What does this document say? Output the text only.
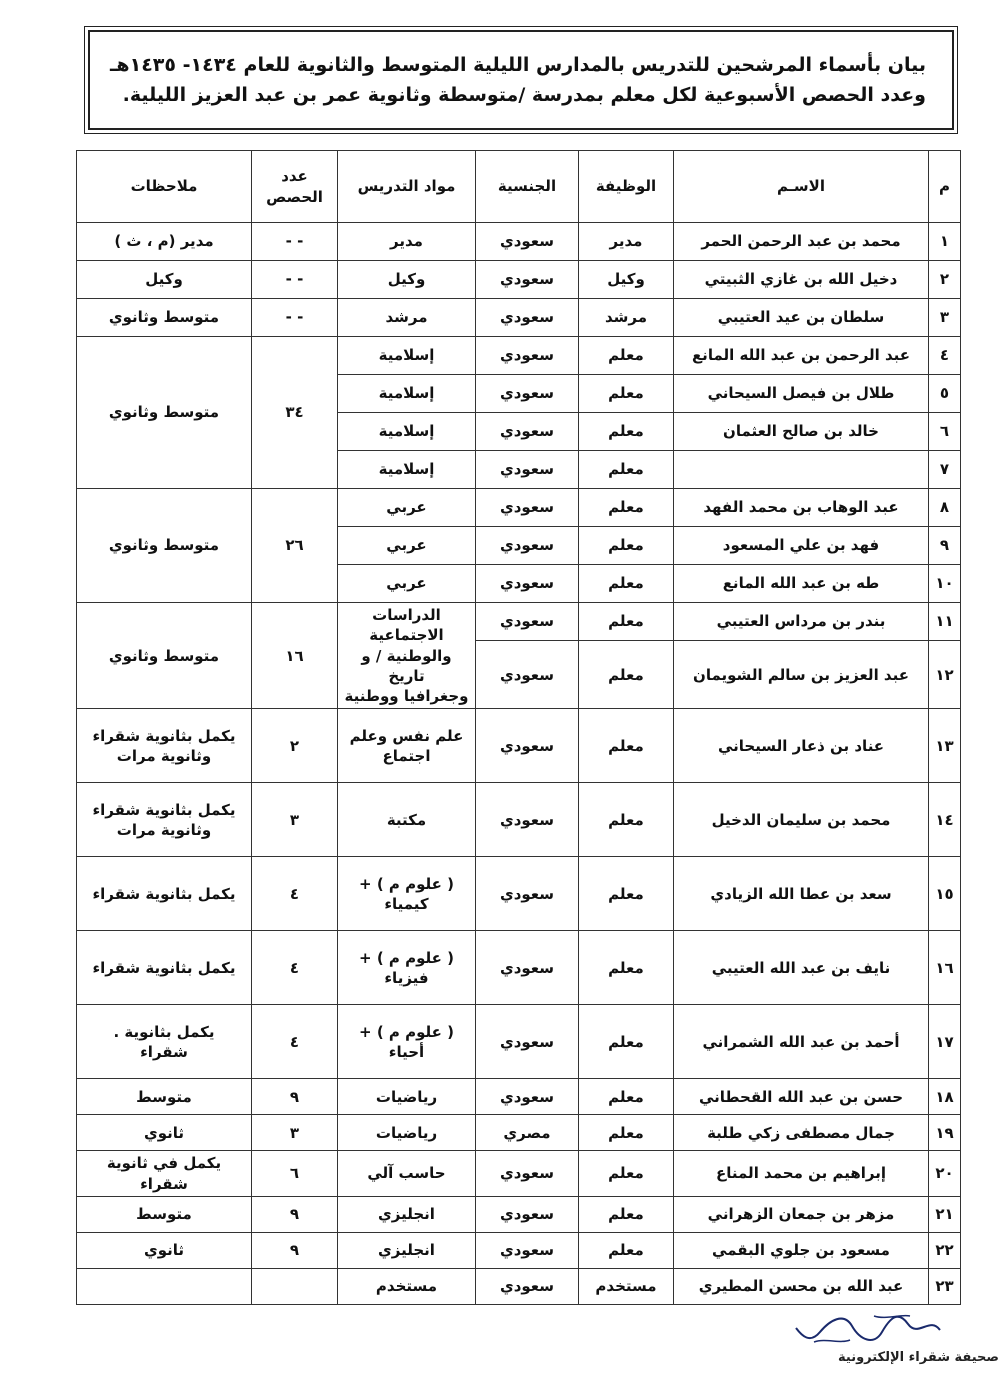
بيان بأسماء المرشحين للتدريس بالمدارس الليلية المتوسط والثانوية للعام ١٤٣٤- ١٤٣٥هـ
وعدد الحصص الأسبوعية لكل معلم بمدرسة /متوسطة وثانوية عمر بن عبد العزيز الليلية.
م	الاسـم	الوظيفة	الجنسية	مواد التدريس	عدد الحصص	ملاحظات
١	محمد بن عبد الرحمن الحمر	مدير	سعودي	مدير	- -	مدير (م ، ث )
٢	دخيل الله بن غازي الثبيتي	وكيل	سعودي	وكيل	- -	وكيل
٣	سلطان بن عيد العتيبي	مرشد	سعودي	مرشد	- -	متوسط وثانوي
٤	عبد الرحمن بن عبد الله المانع	معلم	سعودي	إسلامية	٣٤	متوسط وثانوي
٥	طلال بن فيصل السيحاني	معلم	سعودي	إسلامية		
٦	خالد بن صالح العثمان	معلم	سعودي	إسلامية		
٧		معلم	سعودي	إسلامية		
٨	عبد الوهاب بن محمد الفهد	معلم	سعودي	عربي	٢٦	متوسط وثانوي
٩	فهد بن علي المسعود	معلم	سعودي	عربي		
١٠	طه بن عبد الله المانع	معلم	سعودي	عربي		
١١	بندر بن مرداس العتيبي	معلم	سعودي	الدراسات الاجتماعية
والوطنية / و تاريخ
وجغرافيا ووطنية	١٦	متوسط وثانوي
١٢	عبد العزيز بن سالم الشويمان	معلم	سعودي			
١٣	عناد بن ذعار السيحاني	معلم	سعودي	علم نفس وعلم
اجتماع	٢	يكمل بثانوية شقراء
وثانوية مرات
١٤	محمد بن سليمان الدخيل	معلم	سعودي	مكتبة	٣	يكمل بثانوية شقراء
وثانوية مرات
١٥	سعد بن عطا الله الزيادي	معلم	سعودي	( علوم م ) +
كيمياء	٤	يكمل بثانوية شقراء
١٦	نايف بن عبد الله العتيبي	معلم	سعودي	( علوم م ) +
فيزياء	٤	يكمل بثانوية شقراء
١٧	أحمد بن عبد الله الشمراني	معلم	سعودي	( علوم م ) +
أحياء	٤	يكمل بثانوية .
شقراء
١٨	حسن بن عبد الله القحطاني	معلم	سعودي	رياضيات	٩	متوسط
١٩	جمال مصطفى زكي طلبة	معلم	مصري	رياضيات	٣	ثانوي
٢٠	إبراهيم بن محمد المناع	معلم	سعودي	حاسب آلي	٦	يكمل في ثانوية شقراء
٢١	مزهر بن جمعان الزهراني	معلم	سعودي	انجليزي	٩	متوسط
٢٢	مسعود بن جلوي البقمي	معلم	سعودي	انجليزي	٩	ثانوي
٢٣	عبد الله بن محسن المطيري	مستخدم	سعودي	مستخدم		
صحيفة شقراء الإلكترونية
